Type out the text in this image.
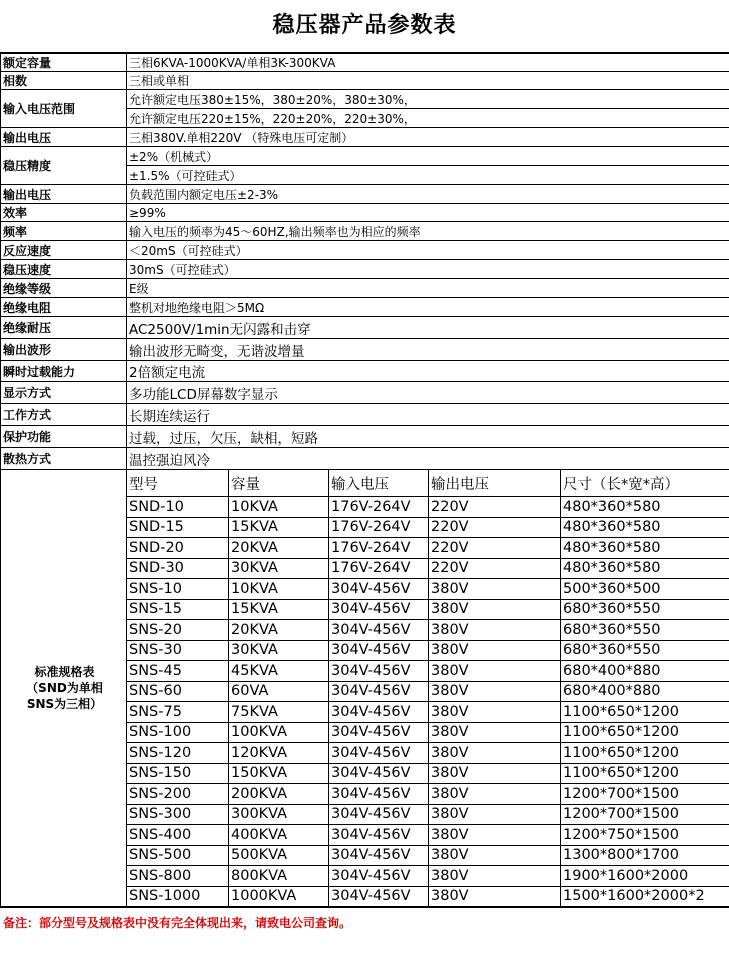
稳压器产品参数表
额定容量	三相6KVA-1000KVA/单相3K-300KVA				
相数	三相或单相				
输入电压范围	允许额定电压380±15%，380±20%，380±30%，				
	允许额定电压220±15%，220±20%，220±30%，				
输出电压	三相380V.单相220V （特殊电压可定制）				
稳压精度	±2%（机械式）				
	±1.5%（可控硅式）				
输出电压	负载范围内额定电压±2-3%				
效率	≥99%				
频率	输入电压的频率为45～60HZ,输出频率也为相应的频率				
反应速度	＜20mS（可控硅式）				
稳压速度	30mS（可控硅式）				
绝缘等级	E级				
绝缘电阻	整机对地绝缘电阻＞5MΩ				
绝缘耐压	AC2500V/1min无闪露和击穿				
输出波形	输出波形无畸变，无谐波增量				
瞬时过载能力	2倍额定电流				
显示方式	多功能LCD屏幕数字显示				
工作方式	长期连续运行				
保护功能	过载，过压，欠压，缺相，短路				
散热方式	温控强迫风冷				

标准规格表
（SND为单相
SNS为三相）	型号	容量	输入电压	输出电压	尺寸（长*宽*高）
	SND-10	10KVA	176V-264V	220V	480*360*580
	SND-15	15KVA	176V-264V	220V	480*360*580
	SND-20	20KVA	176V-264V	220V	480*360*580
	SND-30	30KVA	176V-264V	220V	480*360*580
	SNS-10	10KVA	304V-456V	380V	500*360*500
	SNS-15	15KVA	304V-456V	380V	680*360*550
	SNS-20	20KVA	304V-456V	380V	680*360*550
	SNS-30	30KVA	304V-456V	380V	680*360*550
	SNS-45	45KVA	304V-456V	380V	680*400*880
	SNS-60	60VA	304V-456V	380V	680*400*880
	SNS-75	75KVA	304V-456V	380V	1100*650*1200
	SNS-100	100KVA	304V-456V	380V	1100*650*1200
	SNS-120	120KVA	304V-456V	380V	1100*650*1200
	SNS-150	150KVA	304V-456V	380V	1100*650*1200
	SNS-200	200KVA	304V-456V	380V	1200*700*1500
	SNS-300	300KVA	304V-456V	380V	1200*700*1500
	SNS-400	400KVA	304V-456V	380V	1200*750*1500
	SNS-500	500KVA	304V-456V	380V	1300*800*1700
	SNS-800	800KVA	304V-456V	380V	1900*1600*2000
	SNS-1000	1000KVA	304V-456V	380V	1500*1600*2000*2
备注：部分型号及规格表中没有完全体现出来，请致电公司查询。
